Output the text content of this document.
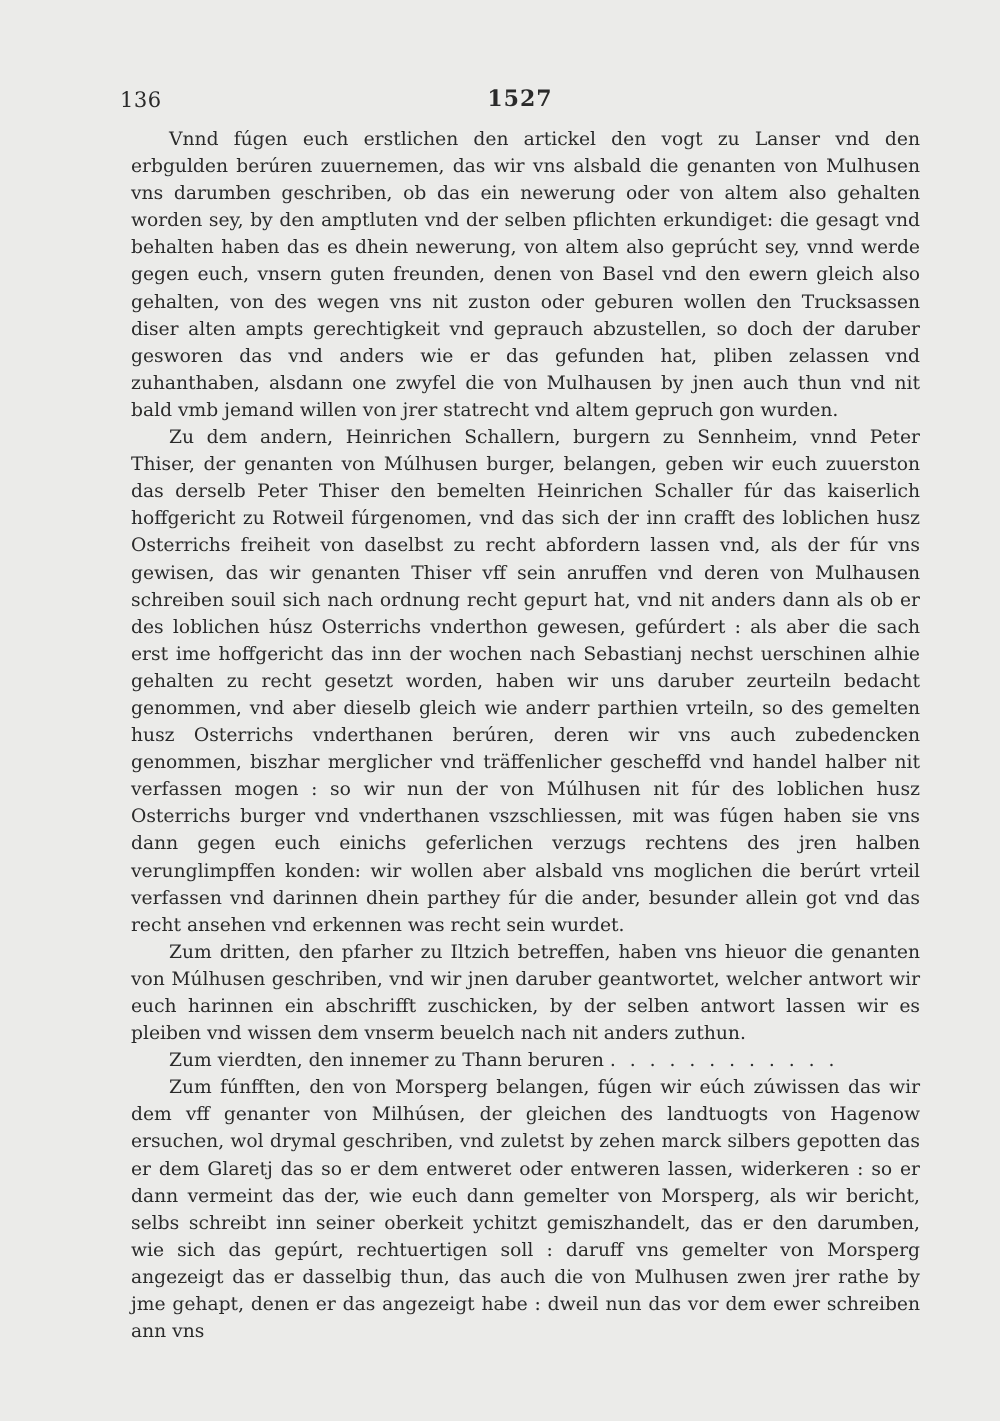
136	1527

Vnnd fúgen euch erstlichen den artickel den vogt zu Lanser vnd den erbgulden berúren zuuernemen, das wir vns alsbald die genanten von Mulhusen vns darumben geschriben, ob das ein newerung oder von altem also gehalten worden sey, by den amptluten vnd der selben pflichten erkundiget: die gesagt vnd behalten haben das es dhein newerung, von altem also geprúcht sey, vnnd werde gegen euch, vnsern guten freunden, denen von Basel vnd den ewern gleich also gehalten, von des wegen vns nit zuston oder geburen wollen den Trucksassen diser alten ampts gerechtigkeit vnd geprauch abzustellen, so doch der daruber gesworen das vnd anders wie er das gefunden hat, pliben zelassen vnd zuhanthaben, alsdann one zwyfel die von Mulhausen by jnen auch thun vnd nit bald vmb jemand willen von jrer statrecht vnd altem gepruch gon wurden.

Zu dem andern, Heinrichen Schallern, burgern zu Sennheim, vnnd Peter Thiser, der genanten von Múlhusen burger, belangen, geben wir euch zuuerston das derselb Peter Thiser den bemelten Heinrichen Schaller fúr das kaiserlich hoffgericht zu Rotweil fúrgenomen, vnd das sich der inn crafft des loblichen husz Osterrichs freiheit von daselbst zu recht abfordern lassen vnd, als der fúr vns gewisen, das wir genanten Thiser vff sein anruffen vnd deren von Mulhausen schreiben souil sich nach ordnung recht gepurt hat, vnd nit anders dann als ob er des loblichen húsz Osterrichs vnderthon gewesen, gefúrdert : als aber die sach erst ime hoffgericht das inn der wochen nach Sebastianj nechst uerschinen alhie gehalten zu recht gesetzt worden, haben wir uns daruber zeurteiln bedacht genommen, vnd aber dieselb gleich wie anderr parthien vrteiln, so des gemelten husz Osterrichs vnderthanen berúren, deren wir vns auch zubedencken genommen, biszhar merglicher vnd träffenlicher gescheffd vnd handel halber nit verfassen mogen : so wir nun der von Múlhusen nit fúr des loblichen husz Osterrichs burger vnd vnderthanen vszschliessen, mit was fúgen haben sie vns dann gegen euch einichs geferlichen verzugs rechtens des jren halben verunglimpffen konden: wir wollen aber alsbald vns moglichen die berúrt vrteil verfassen vnd darinnen dhein parthey fúr die ander, besunder allein got vnd das recht ansehen vnd erkennen was recht sein wurdet.

Zum dritten, den pfarher zu Iltzich betreffen, haben vns hieuor die genanten von Múlhusen geschriben, vnd wir jnen daruber geantwortet, welcher antwort wir euch harinnen ein abschrifft zuschicken, by der selben antwort lassen wir es pleiben vnd wissen dem vnserm beuelch nach nit anders zuthun.

Zum vierdten, den innemer zu Thann beruren . . . . . . . . . . . .

Zum fúnfften, den von Morsperg belangen, fúgen wir eúch zúwissen das wir dem vff genanter von Milhúsen, der gleichen des landtuogts von Hagenow ersuchen, wol drymal geschriben, vnd zuletst by zehen marck silbers gepotten das er dem Glaretj das so er dem entweret oder entweren lassen, widerkeren : so er dann vermeint das der, wie euch dann gemelter von Morsperg, als wir bericht, selbs schreibt inn seiner oberkeit ychitzt gemiszhandelt, das er den darumben, wie sich das gepúrt, rechtuertigen soll : daruff vns gemelter von Morsperg angezeigt das er dasselbig thun, das auch die von Mulhusen zwen jrer rathe by jme gehapt, denen er das angezeigt habe : dweil nun das vor dem ewer schreiben ann vns
